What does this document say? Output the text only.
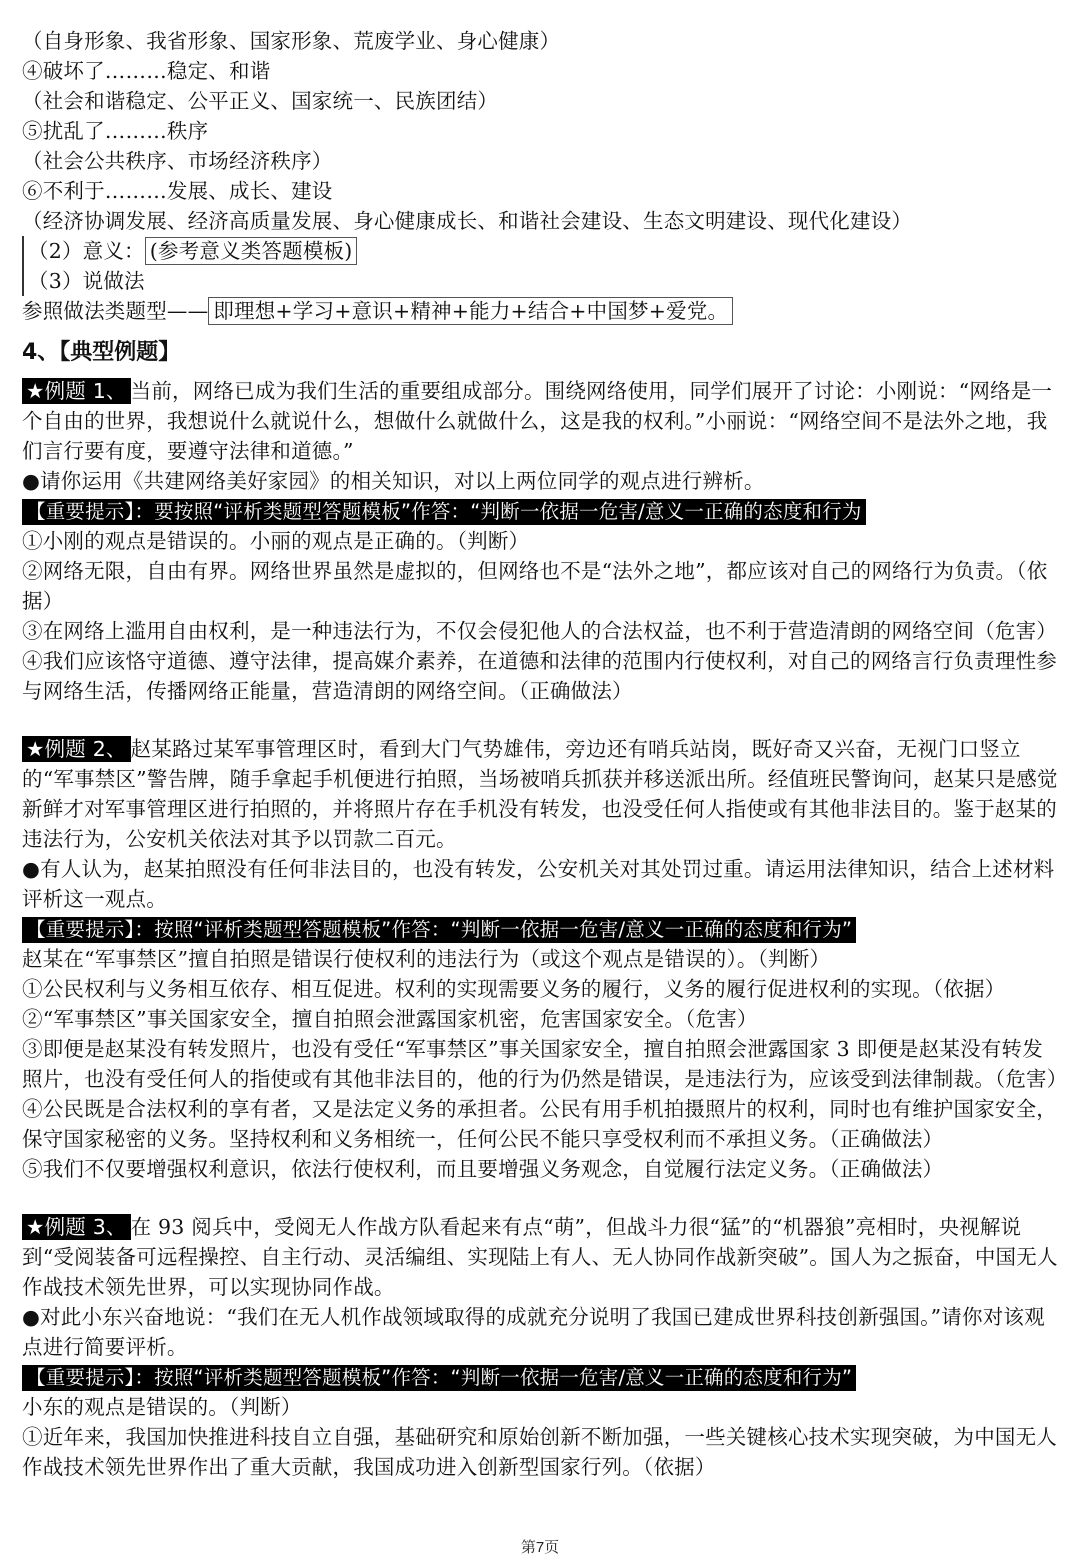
（自身形象、我省形象、国家形象、荒废学业、身心健康）
④破坏了………稳定、和谐
（社会和谐稳定、公平正义、国家统一、民族团结）
⑤扰乱了………秩序
（社会公共秩序、市场经济秩序）
⑥不利于………发展、成长、建设
（经济协调发展、经济高质量发展、身心健康成长、和谐社会建设、生态文明建设、现代化建设）
（2）意义： (参考意义类答题模板)
（3）说做法
参照做法类题型—— 即理想+学习+意识+精神+能力+结合+中国梦+爱党。
4、【典型例题】
★例题 1、 当前，网络已成为我们生活的重要组成部分。围绕网络使用，同学们展开了讨论：小刚说：“网络是一个自由的世界，我想说什么就说什么，想做什么就做什么，这是我的权利。”小丽说：“网络空间不是法外之地，我们言行要有度，要遵守法律和道德。”
●请你运用《共建网络美好家园》的相关知识，对以上两位同学的观点进行辨析。
【重要提示】：要按照“评析类题型答题模板”作答：“判断一依据一危害/意义一正确的态度和行为
①小刚的观点是错误的。小丽的观点是正确的。（判断）
②网络无限，自由有界。网络世界虽然是虚拟的，但网络也不是“法外之地”，都应该对自己的网络行为负责。（依据）
③在网络上滥用自由权利，是一种违法行为，不仅会侵犯他人的合法权益，也不利于营造清朗的网络空间（危害）
④我们应该恪守道德、遵守法律，提高媒介素养，在道德和法律的范围内行使权利，对自己的网络言行负责理性参与网络生活，传播网络正能量，营造清朗的网络空间。（正确做法）
★例题 2、 赵某路过某军事管理区时，看到大门气势雄伟，旁边还有哨兵站岗，既好奇又兴奋，无视门口竖立的“军事禁区”警告牌，随手拿起手机便进行拍照，当场被哨兵抓获并移送派出所。经值班民警询问，赵某只是感觉新鲜才对军事管理区进行拍照的，并将照片存在手机没有转发，也没受任何人指使或有其他非法目的。鉴于赵某的违法行为，公安机关依法对其予以罚款二百元。
●有人认为，赵某拍照没有任何非法目的，也没有转发，公安机关对其处罚过重。请运用法律知识，结合上述材料评析这一观点。
【重要提示】：按照“评析类题型答题模板”作答：“判断一依据一危害/意义一正确的态度和行为”
赵某在“军事禁区”擅自拍照是错误行使权利的违法行为（或这个观点是错误的）。（判断）
①公民权利与义务相互依存、相互促进。权利的实现需要义务的履行，义务的履行促进权利的实现。（依据）
②“军事禁区”事关国家安全，擅自拍照会泄露国家机密，危害国家安全。（危害）
③即便是赵某没有转发照片，也没有受任“军事禁区”事关国家安全，擅自拍照会泄露国家 3 即便是赵某没有转发照片，也没有受任何人的指使或有其他非法目的，他的行为仍然是错误，是违法行为，应该受到法律制裁。（危害）
④公民既是合法权利的享有者，又是法定义务的承担者。公民有用手机拍摄照片的权利，同时也有维护国家安全，保守国家秘密的义务。坚持权利和义务相统一，任何公民不能只享受权利而不承担义务。（正确做法）
⑤我们不仅要增强权利意识，依法行使权利，而且要增强义务观念，自觉履行法定义务。（正确做法）
★例题 3、 在 93 阅兵中，受阅无人作战方队看起来有点“萌”，但战斗力很“猛”的“机器狼”亮相时，央视解说到“受阅装备可远程操控、自主行动、灵活编组、实现陆上有人、无人协同作战新突破”。国人为之振奋，中国无人作战技术领先世界，可以实现协同作战。
●对此小东兴奋地说：“我们在无人机作战领域取得的成就充分说明了我国已建成世界科技创新强国。”请你对该观点进行简要评析。
【重要提示】：按照“评析类题型答题模板”作答：“判断一依据一危害/意义一正确的态度和行为”
小东的观点是错误的。（判断）
①近年来，我国加快推进科技自立自强，基础研究和原始创新不断加强，一些关键核心技术实现突破，为中国无人作战技术领先世界作出了重大贡献，我国成功进入创新型国家行列。（依据）
第7页
